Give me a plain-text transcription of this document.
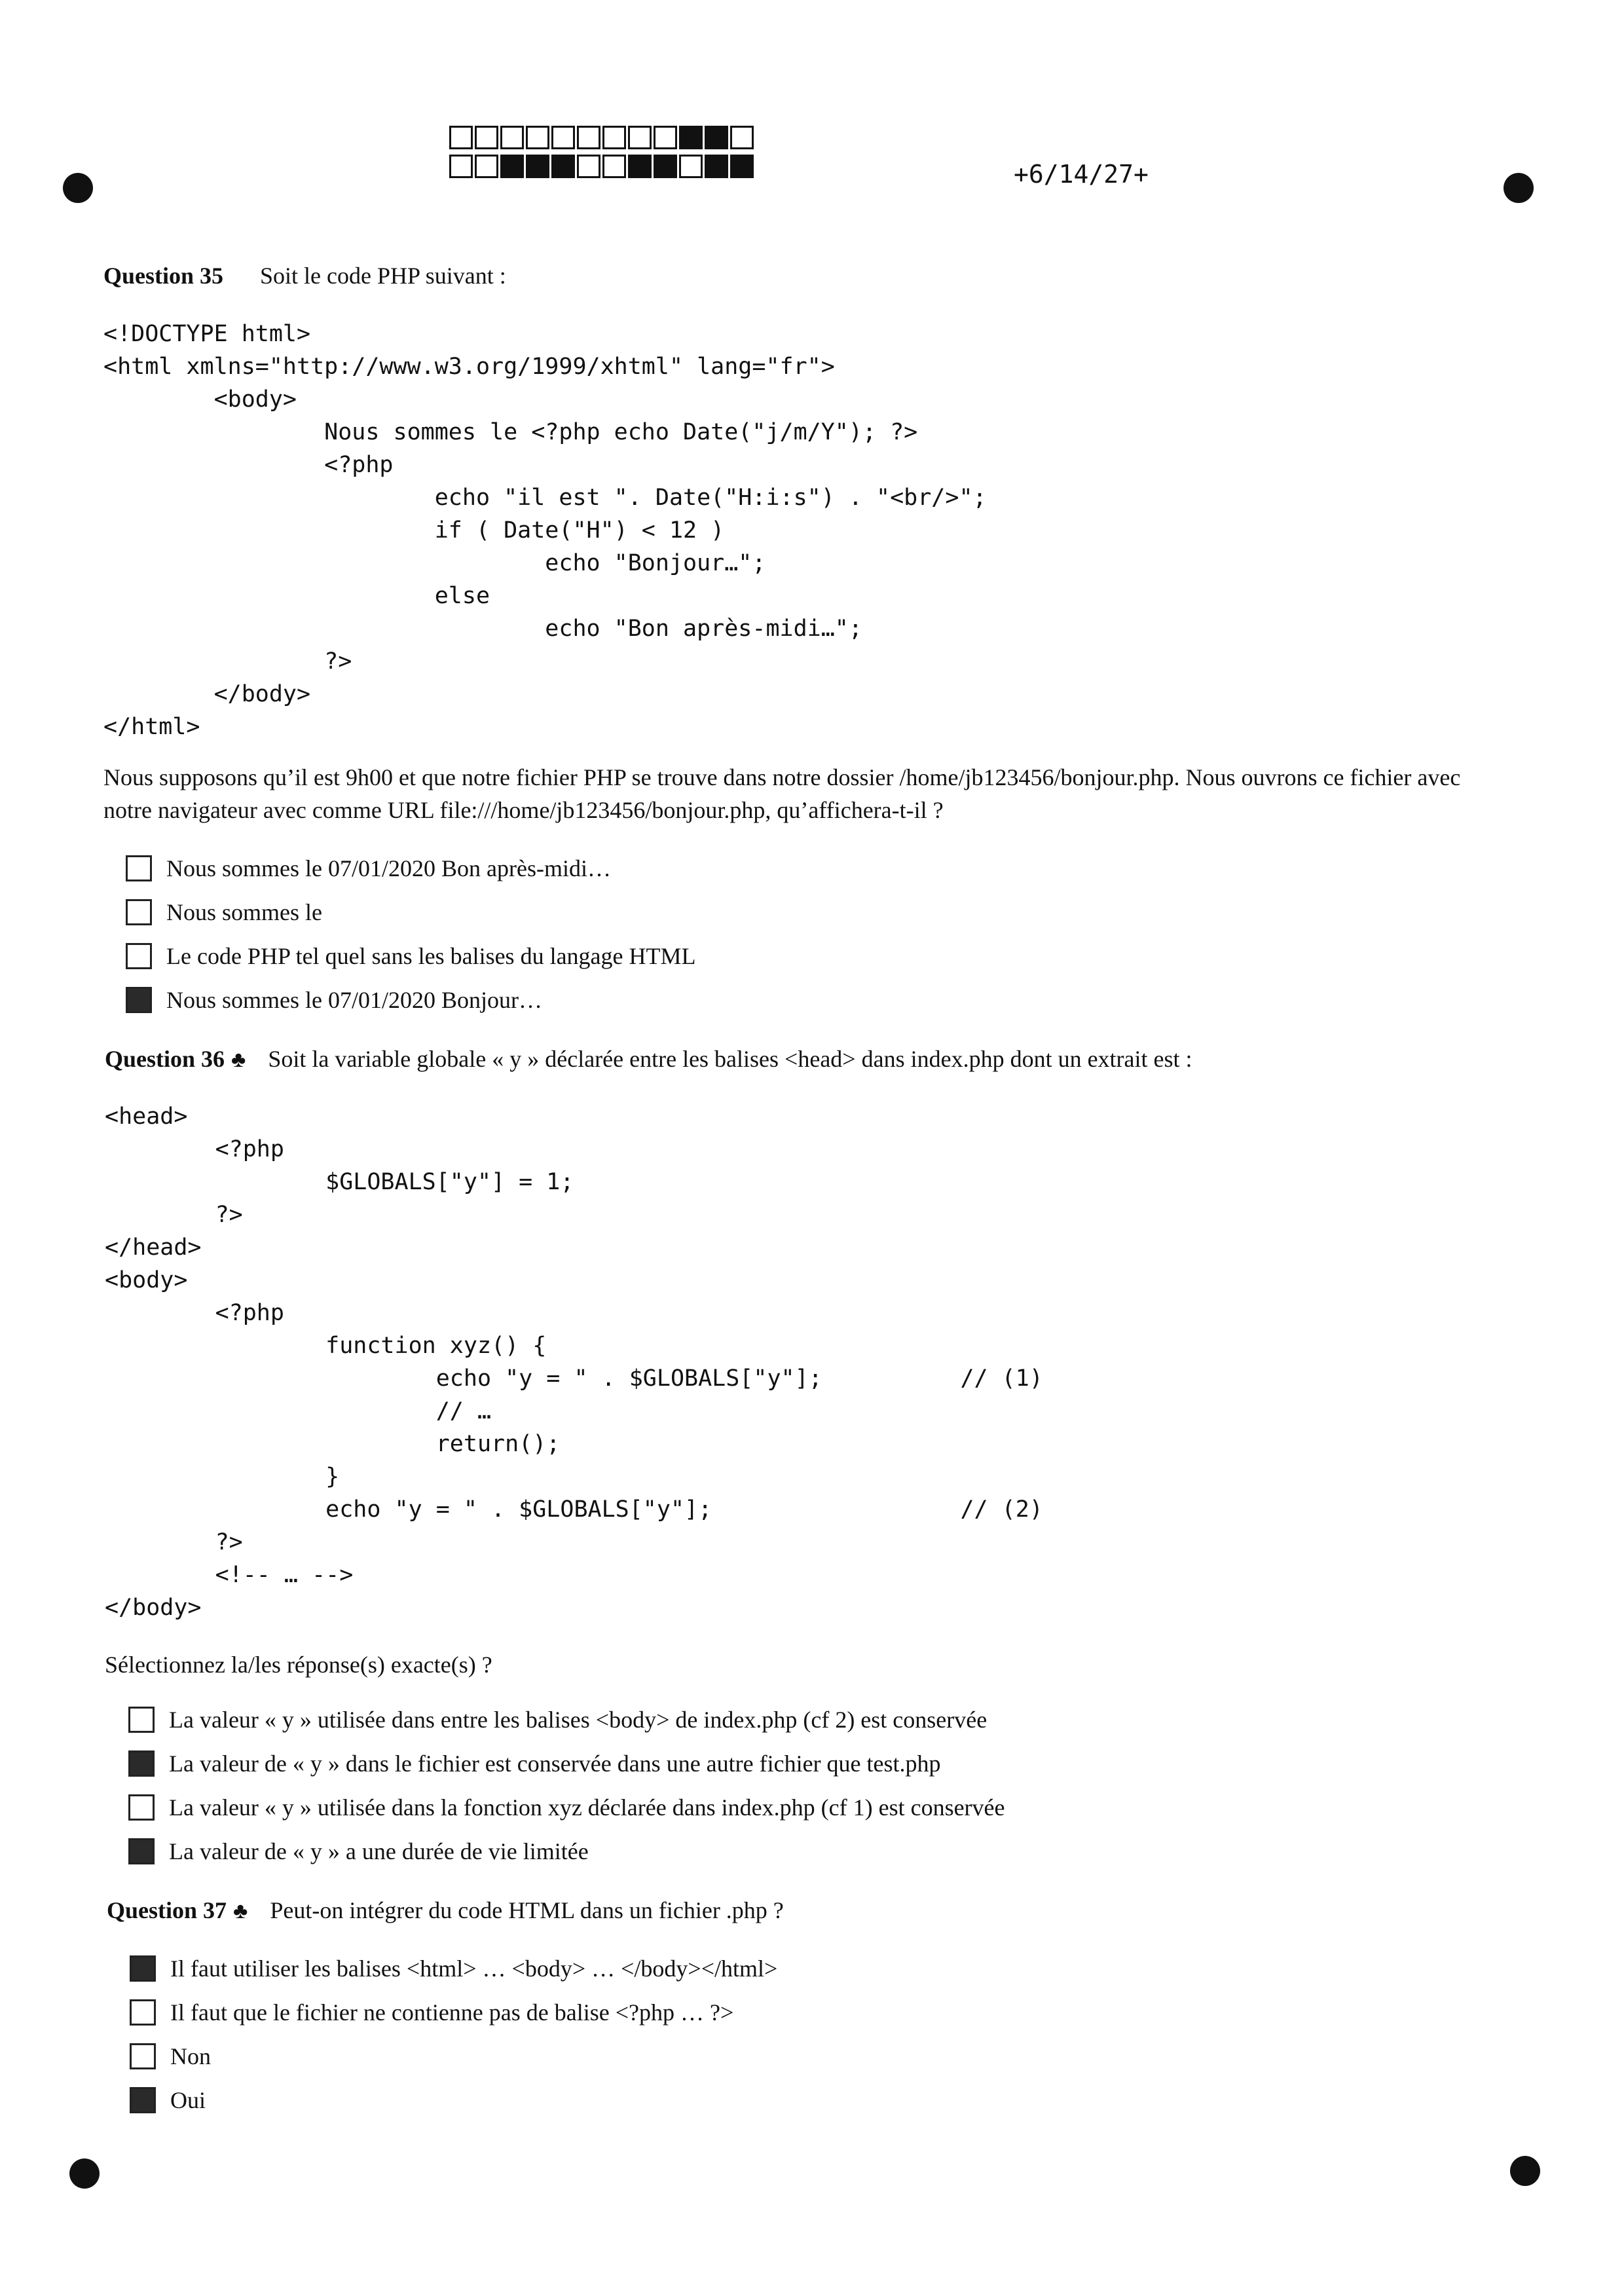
+6/14/27+
Question 35 Soit le code PHP suivant :
<!DOCTYPE html>
<html xmlns="http://www.w3.org/1999/xhtml" lang="fr">
<body>
Nous sommes le <?php echo Date("j/m/Y"); ?>
<?php
echo "il est ". Date("H:i:s") . "<br/>";
if ( Date("H") < 12 )
echo "Bonjour…";
else
echo "Bon après-midi…";
?>
</body>
</html>
Nous supposons qu’il est 9h00 et que notre fichier PHP se trouve dans notre dossier /home/jb123456/bonjour.php. Nous ouvrons ce fichier avec notre navigateur avec comme URL file:///home/jb123456/bonjour.php, qu’affichera-t-il ?
Nous sommes le 07/01/2020 Bon après-midi…
Nous sommes le
Le code PHP tel quel sans les balises du langage HTML
Nous sommes le 07/01/2020 Bonjour…
Question 36 ♣ Soit la variable globale « y » déclarée entre les balises <head> dans index.php dont un extrait est :
<head>
<?php
$GLOBALS["y"] = 1;
?>
</head>
<body>
<?php
function xyz() {
echo "y = " . $GLOBALS["y"];          // (1)
// …
return();
}
echo "y = " . $GLOBALS["y"];                  // (2)
?>
<!-- … -->
</body>
Sélectionnez la/les réponse(s) exacte(s) ?
La valeur « y » utilisée dans entre les balises <body> de index.php (cf 2) est conservée
La valeur de « y » dans le fichier est conservée dans une autre fichier que test.php
La valeur « y » utilisée dans la fonction xyz déclarée dans index.php (cf 1) est conservée
La valeur de « y » a une durée de vie limitée
Question 37 ♣ Peut-on intégrer du code HTML dans un fichier .php ?
Il faut utiliser les balises <html> … <body> … </body></html>
Il faut que le fichier ne contienne pas de balise <?php … ?>
Non
Oui
